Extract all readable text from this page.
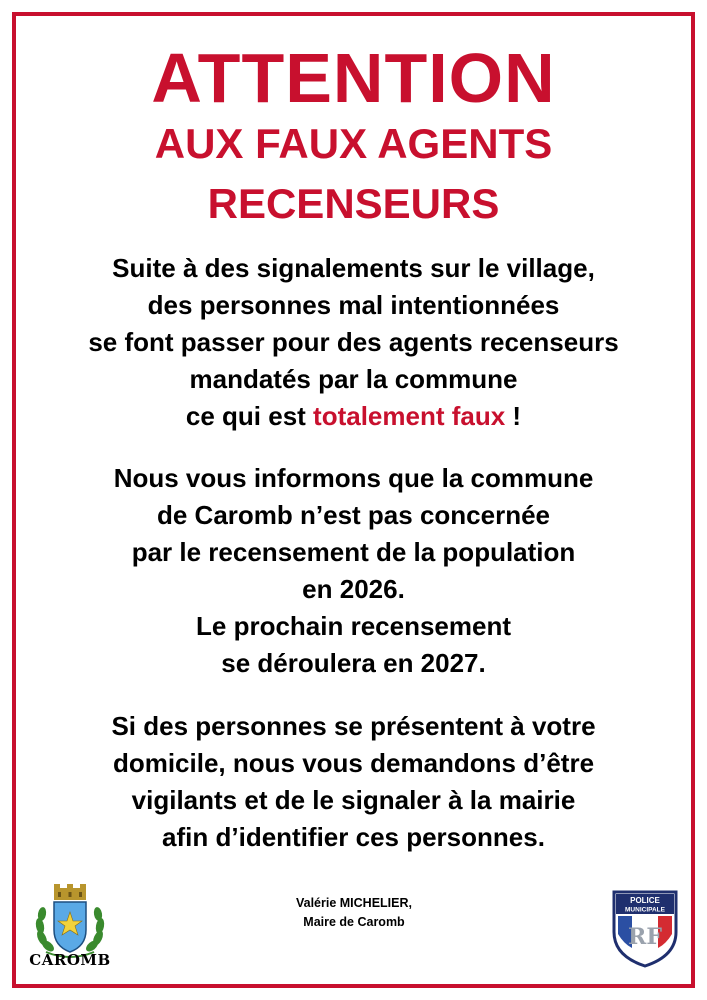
ATTENTION
AUX FAUX AGENTS
RECENSEURS

Suite à des signalements sur le village,
des personnes mal intentionnées
se font passer pour des agents recenseurs
mandatés par la commune
ce qui est totalement faux !

Nous vous informons que la commune
de Caromb n’est pas concernée
par le recensement de la population
en 2026.
Le prochain recensement
se déroulera en 2027.

Si des personnes se présentent à votre
domicile, nous vous demandons d’être
vigilants et de le signaler à la mairie
afin d’identifier ces personnes.

Valérie MICHELIER,
Maire de Caromb
CAROMB
POLICE
MUNICIPALE
RF
